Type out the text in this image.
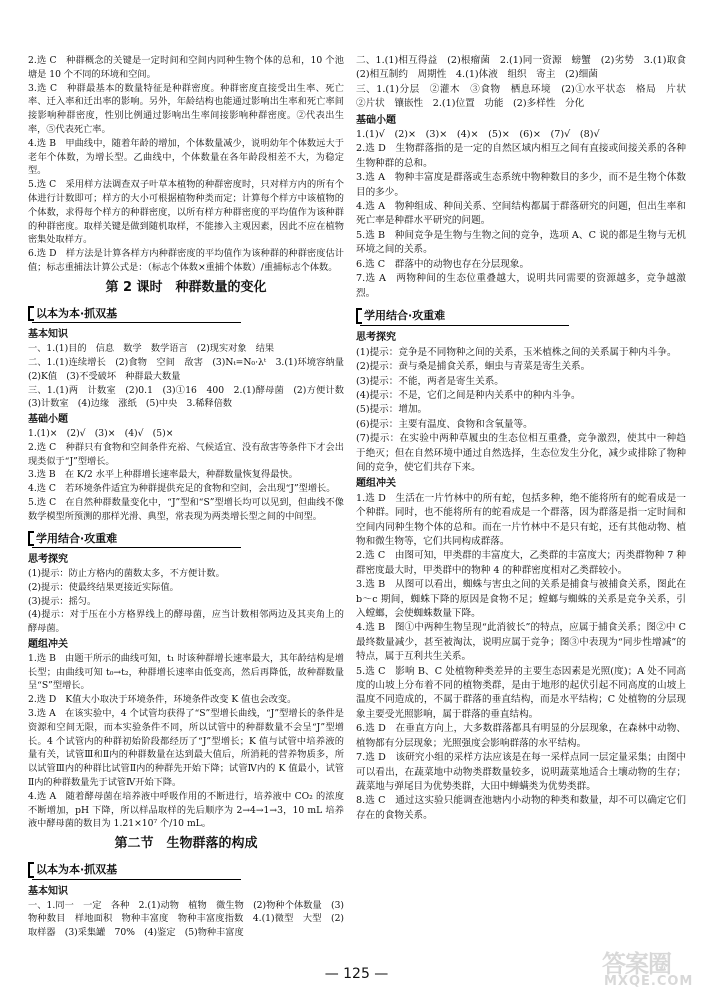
2.选 C　种群概念的关键是一定时间和空间内同种生物个体的总和，10 个池塘是 10 个不同的环境和空间。

3.选 C　种群最基本的数量特征是种群密度。种群密度直接受出生率、死亡率、迁入率和迁出率的影响。另外，年龄结构也能通过影响出生率和死亡率间接影响种群密度，性别比例通过影响出生率间接影响种群密度。②代表出生率，⑤代表死亡率。

4.选 B　甲曲线中，随着年龄的增加，个体数量减少，说明幼年个体数远大于老年个体数，为增长型。乙曲线中，个体数量在各年龄段相差不大，为稳定型。

5.选 C　采用样方法调查双子叶草本植物的种群密度时，只对样方内的所有个体进行计数即可；样方的大小可根据植物种类而定；计算每个样方中该植物的个体数，求得每个样方的种群密度，以所有样方种群密度的平均值作为该种群的种群密度。取样关键是做到随机取样，不能掺入主观因素，因此不应在植物密集处取样方。

6.选 D　样方法是计算各样方内种群密度的平均值作为该种群的种群密度估计值；标志重捕法计算公式是：（标志个体数×重捕个体数）/重捕标志个体数。

第 2 课时　种群数量的变化
以本为本·抓双基
基本知识

一、1.(1)目的　信息　数学　数学语言　(2)现实对象　结果

二、1.(1)连续增长　(2)食物　空间　敌害　(3)Nₜ=N₀·λᵗ　3.(1)环境容纳量　(2)K值　(3)不受破坏　种群最大数量

三、1.(1)两　计数室　(2)0.1　(3)①16　400　2.(1)酵母菌　(2)方便计数　(3)计数室　(4)边缘　涨纸　(5)中央　3.稀释倍数

基础小题

1.(1)×　(2)√　(3)×　(4)√　(5)×

2.选 C　种群只有食物和空间条件充裕、气候适宜、没有敌害等条件下才会出现类似于“J”型增长。

3.选 B　在 K/2 水平上种群增长速率最大，种群数量恢复得最快。

4.选 C　若环境条件适宜为种群提供充足的食物和空间，会出现“J”型增长。

5.选 C　在自然种群数量变化中，“J”型和“S”型增长均可以见到，但曲线不像数学模型所预测的那样光滑、典型，常表现为两类增长型之间的中间型。

学用结合·攻重难
思考探究

(1)提示：防止方格内的菌数太多，不方便计数。

(2)提示：使最终结果更接近实际值。

(3)提示：摇匀。

(4)提示：对于压在小方格界线上的酵母菌，应当计数相邻两边及其夹角上的酵母菌。

题组冲关

1.选 B　由题干所示的曲线可知，t₁ 时该种群增长速率最大，其年龄结构是增长型；由曲线可知 t₀→t₂，种群增长速率由低变高，然后再降低，故种群数量呈“S”型增长。

2.选 D　K值大小取决于环境条件，环境条件改变 K 值也会改变。

3.选 A　在该实验中，4 个试管均获得了“S”型增长曲线，“J”型增长的条件是资源和空间无限，而本实验条件不同，所以试管中的种群数量不会呈“J”型增长。4 个试管内的种群初始阶段都经历了“J”型增长；K 值与试管中培养液的量有关，试管Ⅲ和Ⅱ内的种群数量在达到最大值后，所消耗的营养物质多，所以试管Ⅲ内的种群比试管Ⅱ内的种群先开始下降；试管Ⅳ内的 K 值最小，试管Ⅱ内的种群数量先于试管Ⅳ开始下降。

4.选 A　随着酵母菌在培养液中呼吸作用的不断进行，培养液中 CO₂ 的浓度不断增加，pH 下降，所以样品取样的先后顺序为 2→4→1→3，10 mL 培养液中酵母菌的数目为 1.21×10⁷ 个/10 mL。

第二节　生物群落的构成
以本为本·抓双基
基本知识

一、1.同一　一定　各种　2.(1)动物　植物　微生物　(2)物种个体数量　(3)物种数目　样地面积　物种丰富度　物种丰富度指数　4.(1)微型　大型　(2)取样器　(3)采集罐　70%　(4)鉴定　(5)物种丰富度

二、1.(1)相互得益　(2)根瘤菌　2.(1)同一资源　螃蟹　(2)劣势　3.(1)取食　(2)相互制约　周期性　4.(1)体液　组织　寄主　(2)细菌

三、1.(1)分层　②灌木　③食物　栖息环境　(2)①水平状态　格局　片状　②片状　镶嵌性　2.(1)位置　功能　(2)多样性　分化

基础小题

1.(1)√　(2)×　(3)×　(4)×　(5)×　(6)×　(7)√　(8)√

2.选 D　生物群落指的是一定的自然区域内相互之间有直接或间接关系的各种生物种群的总和。

3.选 A　物种丰富度是群落或生态系统中物种数目的多少，而不是生物个体数目的多少。

4.选 A　物种组成、种间关系、空间结构都属于群落研究的问题，但出生率和死亡率是种群水平研究的问题。

5.选 B　种间竞争是生物与生物之间的竞争，选项 A、C 说的都是生物与无机环境之间的关系。

6.选 C　群落中的动物也存在分层现象。

7.选 A　两物种间的生态位重叠越大，说明共同需要的资源越多，竞争越激烈。

学用结合·攻重难
思考探究

(1)提示：竞争是不同物种之间的关系，玉米植株之间的关系属于种内斗争。

(2)提示：蚕与桑是捕食关系，蛔虫与青菜是寄生关系。

(3)提示：不能，两者是寄生关系。

(4)提示：不是，它们之间是种内关系中的种内斗争。

(5)提示：增加。

(6)提示：主要有温度、食物和含氧量等。

(7)提示：在实验中两种草履虫的生态位相互重叠，竞争激烈，使其中一种趋于绝灭；但在自然环境中通过自然选择，生态位发生分化，减少或排除了物种间的竞争，使它们共存下来。

题组冲关

1.选 D　生活在一片竹林中的所有蛇，包括多种，绝不能将所有的蛇看成是一个种群。同时，也不能将所有的蛇看成是一个群落，因为群落是指一定时间和空间内同种生物个体的总和。而在一片竹林中不是只有蛇，还有其他动物、植物和微生物等，它们共同构成群落。

2.选 C　由图可知，甲类群的丰富度大，乙类群的丰富度大；丙类群物种 7 种群密度最大时，甲类群中的物种 4 的种群密度相对乙类群较小。

3.选 B　从图可以看出，蜘蛛与害虫之间的关系是捕食与被捕食关系，图此在 b～c 期间，蜘蛛下降的原因是食物不足；螳螂与蜘蛛的关系是竞争关系，引入螳螂，会使蜘蛛数量下降。

4.选 B　图①中两种生物呈现“此消彼长”的特点，应属于捕食关系；图②中 C 最终数量减少，甚至被淘汰，说明应属于竞争；图③中表现为“同步性增减”的特点，属于互利共生关系。

5.选 C　影响 B、C 处植物种类差异的主要生态因素是光照(度)；A 处不同高度的山坡上分布着不同的植物类群，是由于地形的起伏引起不同高度的山坡上温度不同造成的，不属于群落的垂直结构，而是水平结构；C 处植物的分层现象主要受光照影响，属于群落的垂直结构。

6.选 D　在垂直方向上，大多数群落都具有明显的分层现象，在森林中动物、植物都有分层现象；光照强度会影响群落的水平结构。

7.选 D　该研究小组的采样方法应该是在每一采样点同一层定量采集；由图中可以看出，在蔬菜地中动物类群数量较多，说明蔬菜地适合土壤动物的生存；蔬菜地与弹尾目为优势类群，大田中蝉螨类为优势类群。

8.选 C　通过这实验只能调查池塘内小动物的种类和数量，却不可以确定它们存在的食物关系。

— 125 —	答案圈
MXQE.COM
